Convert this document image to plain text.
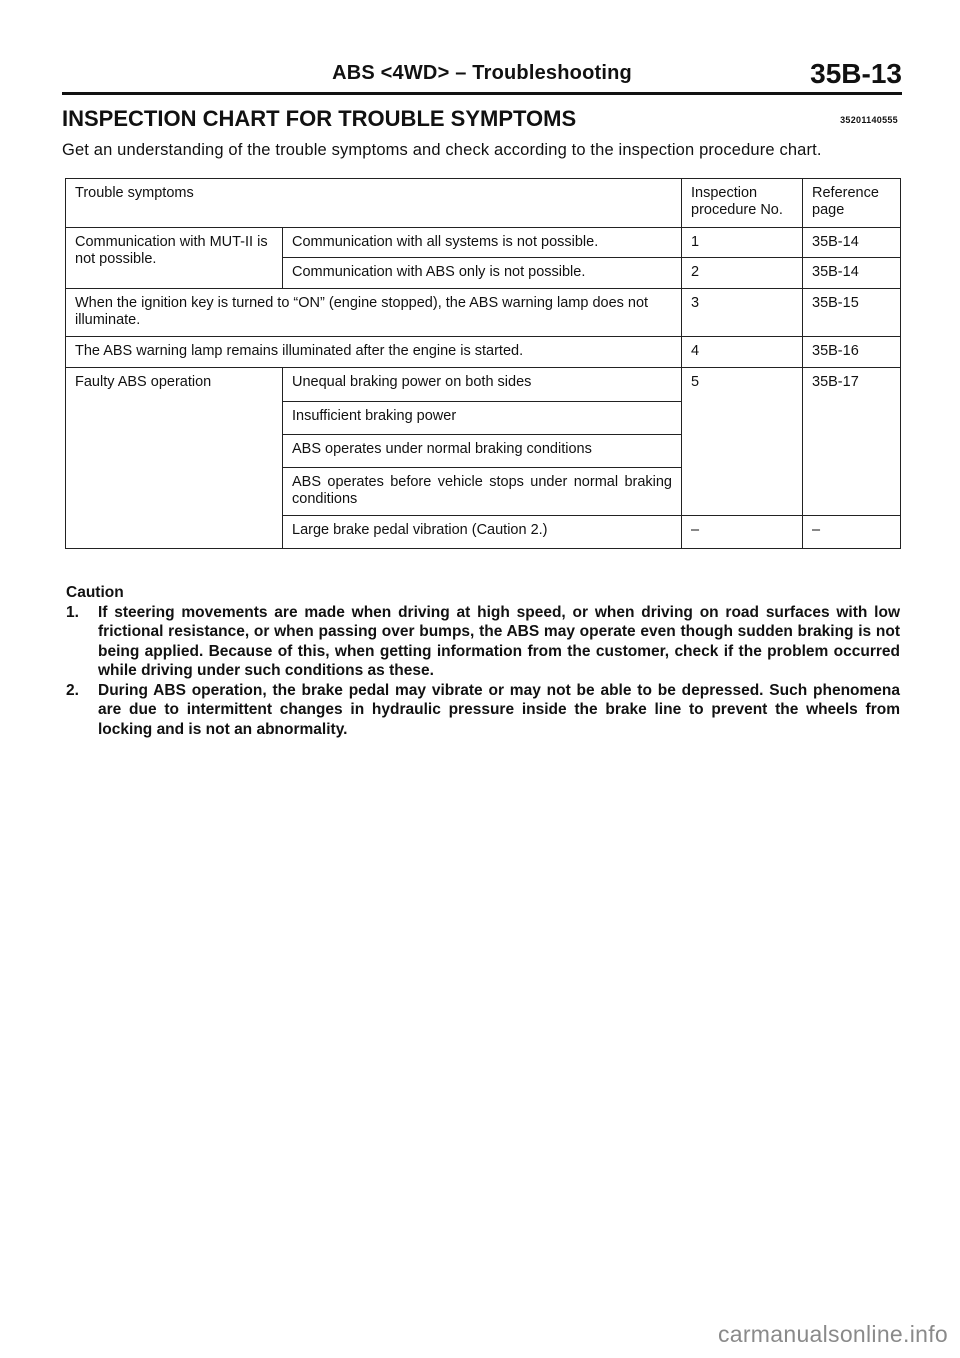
ABS <4WD> – Troubleshooting	35B-13
INSPECTION CHART FOR TROUBLE SYMPTOMS	35201140555
Get an understanding of the trouble symptoms and check according to the inspection procedure chart.
Trouble symptoms		Inspection procedure No.	Reference page
Communication with MUT-II is not possible.	Communication with all systems is not possible.	1	35B-14
	Communication with ABS only is not possible.	2	35B-14
When the ignition key is turned to “ON” (engine stopped), the ABS warning lamp does not illuminate.		3	35B-15
The ABS warning lamp remains illuminated after the engine is started.		4	35B-16
Faulty ABS operation	Unequal braking power on both sides	5	35B-17
	Insufficient braking power		
	ABS operates under normal braking conditions		
	ABS operates before vehicle stops under normal braking conditions		
	Large brake pedal vibration (Caution 2.)	–	–
Caution
1. If steering movements are made when driving at high speed, or when driving on road surfaces with low frictional resistance, or when passing over bumps, the ABS may operate even though sudden braking is not being applied. Because of this, when getting information from the customer, check if the problem occurred while driving under such conditions as these.
2. During ABS operation, the brake pedal may vibrate or may not be able to be depressed. Such phenomena are due to intermittent changes in hydraulic pressure inside the brake line to prevent the wheels from locking and is not an abnormality.
carmanualsonline.info
